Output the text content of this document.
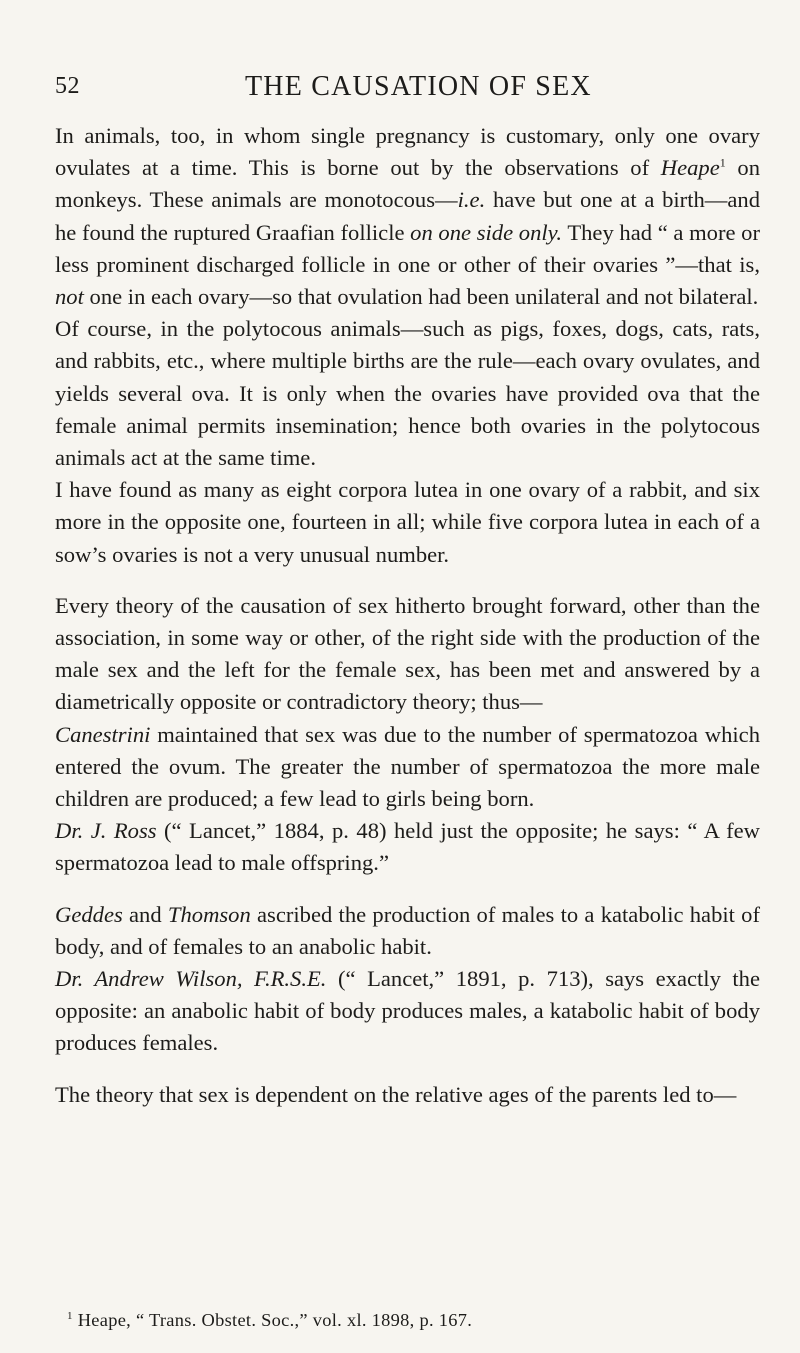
52	THE CAUSATION OF SEX

In animals, too, in whom single pregnancy is customary, only one ovary ovulates at a time. This is borne out by the observations of Heape$^1$ on monkeys. These animals are monotocous—i.e. have but one at a birth—and he found the ruptured Graafian follicle on one side only. They had “ a more or less prominent discharged follicle in one or other of their ovaries ”—that is, not one in each ovary—so that ovulation had been unilateral and not bilateral.

Of course, in the polytocous animals—such as pigs, foxes, dogs, cats, rats, and rabbits, etc., where multiple births are the rule—each ovary ovulates, and yields several ova. It is only when the ovaries have provided ova that the female animal permits insemination; hence both ovaries in the polytocous animals act at the same time.

I have found as many as eight corpora lutea in one ovary of a rabbit, and six more in the opposite one, fourteen in all; while five corpora lutea in each of a sow’s ovaries is not a very unusual number.

Every theory of the causation of sex hitherto brought forward, other than the association, in some way or other, of the right side with the production of the male sex and the left for the female sex, has been met and answered by a diametrically opposite or contradictory theory; thus—

Canestrini maintained that sex was due to the number of spermatozoa which entered the ovum. The greater the number of spermatozoa the more male children are produced; a few lead to girls being born.

Dr. J. Ross (“ Lancet,” 1884, p. 48) held just the opposite; he says: “ A few spermatozoa lead to male offspring.”

Geddes and Thomson ascribed the production of males to a katabolic habit of body, and of females to an anabolic habit.

Dr. Andrew Wilson, F.R.S.E. (“ Lancet,” 1891, p. 713), says exactly the opposite: an anabolic habit of body produces males, a katabolic habit of body produces females.

The theory that sex is dependent on the relative ages of the parents led to—

$^1$ Heape, “ Trans. Obstet. Soc.,” vol. xl. 1898, p. 167.
